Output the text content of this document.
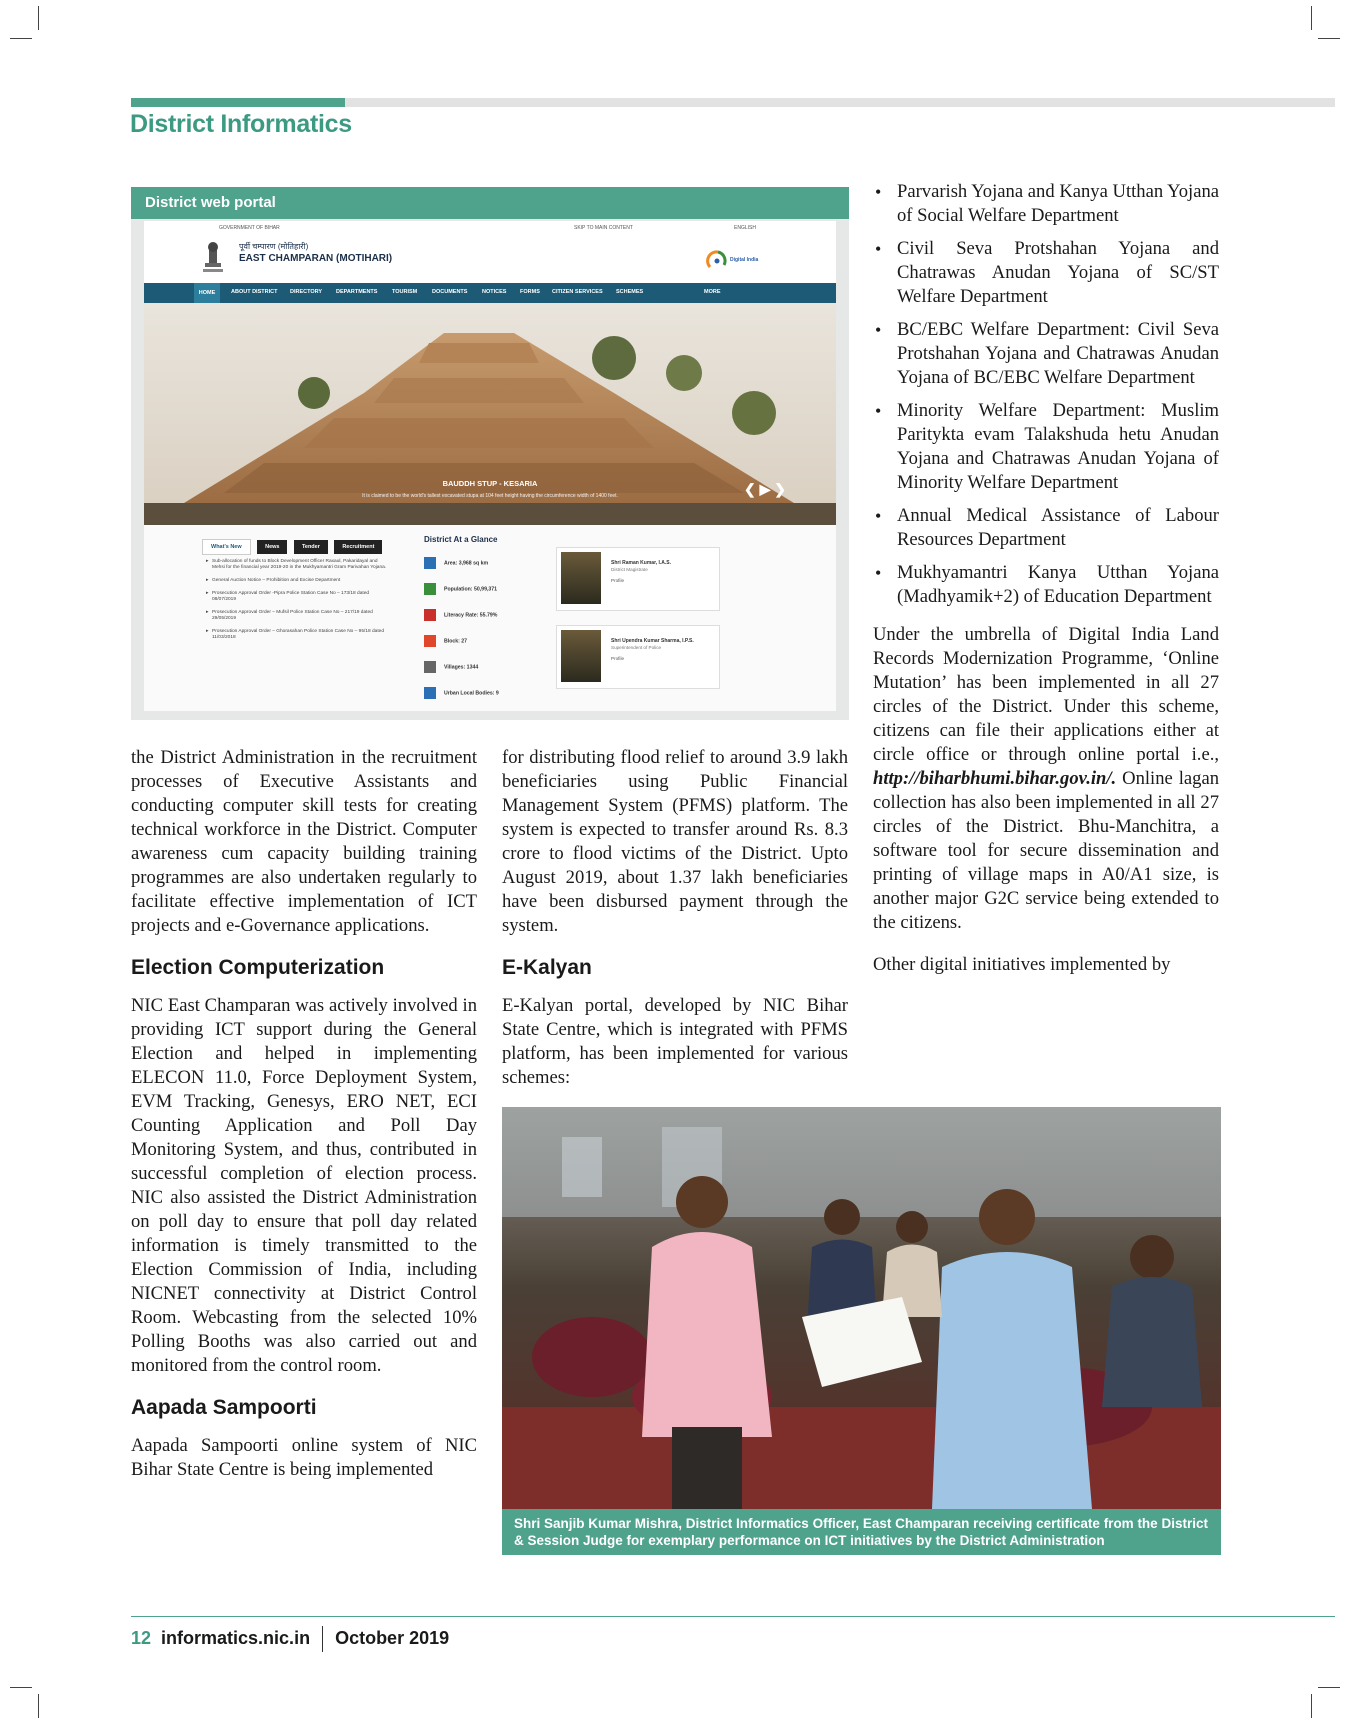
District Informatics
District web portal
GOVERNMENT OF BIHAR	SKIP TO MAIN CONTENT	ENGLISH
पूर्वी चम्पारण (मोतिहारी)
EAST CHAMPARAN (MOTIHARI)	Digital India
HOME	ABOUT DISTRICT DIRECTORY	DEPARTMENTS	TOURISM	DOCUMENTS	NOTICES FORMS CITIZEN SERVICES SCHEMES	MORE
BAUDDH STUP - KESARIA
It is claimed to be the world's tallest excavated stupa at 104 feet height having the circumference width of 1400 feet.	❮ ▶ ❯
What's New	News	Tender	Recruitment
▸ Sub-allocation of funds to Block Development Officer Raxaul, Pakaridayal and Mehsi for the financial year 2019-20 in the Mukhyamantri Gram Parivahan Yojana.
▸ General Auction Notice – Prohibition and Excise Department
▸ Prosecution Approval Order -Pipra Police Station Case No – 173/18 dated 08/07/2019
▸ Prosecution Approval Order – Mufsil Police Station Case No – 217/19 dated 29/05/2019
▸ Prosecution Approval Order – Ghorasahan Police Station Case No – 95/18 dated 11/03/2018
District At a Glance
Area: 3,968 sq km
Population: 50,99,371
Literacy Rate: 55.79%
Block: 27
Villages: 1344
Urban Local Bodies: 9
Shri Raman Kumar, I.A.S.
District Magistrate
Profile
Shri Upendra Kumar Sharma, I.P.S.
Superintendent of Police
Profile

the District Administration in the recruitment processes of Executive Assistants and conducting computer skill tests for creating technical workforce in the District. Computer awareness cum capacity building training programmes are also undertaken regularly to facilitate effective implementation of ICT projects and e-Governance applications.

Election Computerization

NIC East Champaran was actively involved in providing ICT support during the General Election and helped in implementing ELECON 11.0, Force Deployment System, EVM Tracking, Genesys, ERO NET, ECI Counting Application and Poll Day Monitoring System, and thus, contributed in successful completion of election process. NIC also assisted the District Administration on poll day to ensure that poll day related information is timely transmitted to the Election Commission of India, including NICNET connectivity at District Control Room. Webcasting from the selected 10% Polling Booths was also carried out and monitored from the control room.

Aapada Sampoorti

Aapada Sampoorti online system of NIC Bihar State Centre is being implemented

for distributing flood relief to around 3.9 lakh beneficiaries using Public Financial Management System (PFMS) platform. The system is expected to transfer around Rs. 8.3 crore to flood victims of the District. Upto August 2019, about 1.37 lakh beneficiaries have been disbursed payment through the system.

E-Kalyan

E-Kalyan portal, developed by NIC Bihar State Centre, which is integrated with PFMS platform, has been implemented for various schemes:

• Parvarish Yojana and Kanya Utthan Yojana of Social Welfare Department
• Civil Seva Protshahan Yojana and Chatrawas Anudan Yojana of SC/ST Welfare Department
• BC/EBC Welfare Department: Civil Seva Protshahan Yojana and Chatrawas Anudan Yojana of BC/EBC Welfare Department
• Minority Welfare Department: Muslim Paritykta evam Talakshuda hetu Anudan Yojana and Chatrawas Anudan Yojana of Minority Welfare Department
• Annual Medical Assistance of Labour Resources Department
• Mukhyamantri Kanya Utthan Yojana (Madhyamik+2) of Education Department

Under the umbrella of Digital India Land Records Modernization Programme, ‘Online Mutation’ has been implemented in all 27 circles of the District. Under this scheme, citizens can file their applications either at circle office or through online portal i.e., http://biharbhumi.bihar.gov.in/. Online lagan collection has also been implemented in all 27 circles of the District. Bhu-Manchitra, a software tool for secure dissemination and printing of village maps in A0/A1 size, is another major G2C service being extended to the citizens.

Other digital initiatives implemented by

Shri Sanjib Kumar Mishra, District Informatics Officer, East Champaran receiving certificate from the District & Session Judge for exemplary performance on ICT initiatives by the District Administration
12 informatics.nic.in October 2019
